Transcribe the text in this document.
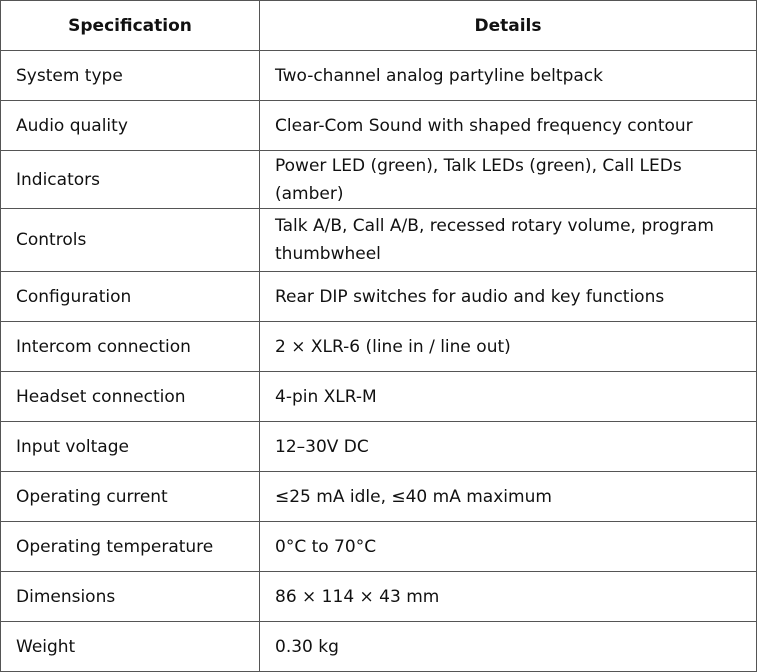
Specification	Details
System type	Two-channel analog partyline beltpack
Audio quality	Clear-Com Sound with shaped frequency contour
Indicators	Power LED (green), Talk LEDs (green), Call LEDs (amber)
Controls	Talk A/B, Call A/B, recessed rotary volume, program thumbwheel
Configuration	Rear DIP switches for audio and key functions
Intercom connection	2 × XLR-6 (line in / line out)
Headset connection	4-pin XLR-M
Input voltage	12–30V DC
Operating current	≤25 mA idle, ≤40 mA maximum
Operating temperature	0°C to 70°C
Dimensions	86 × 114 × 43 mm
Weight	0.30 kg
